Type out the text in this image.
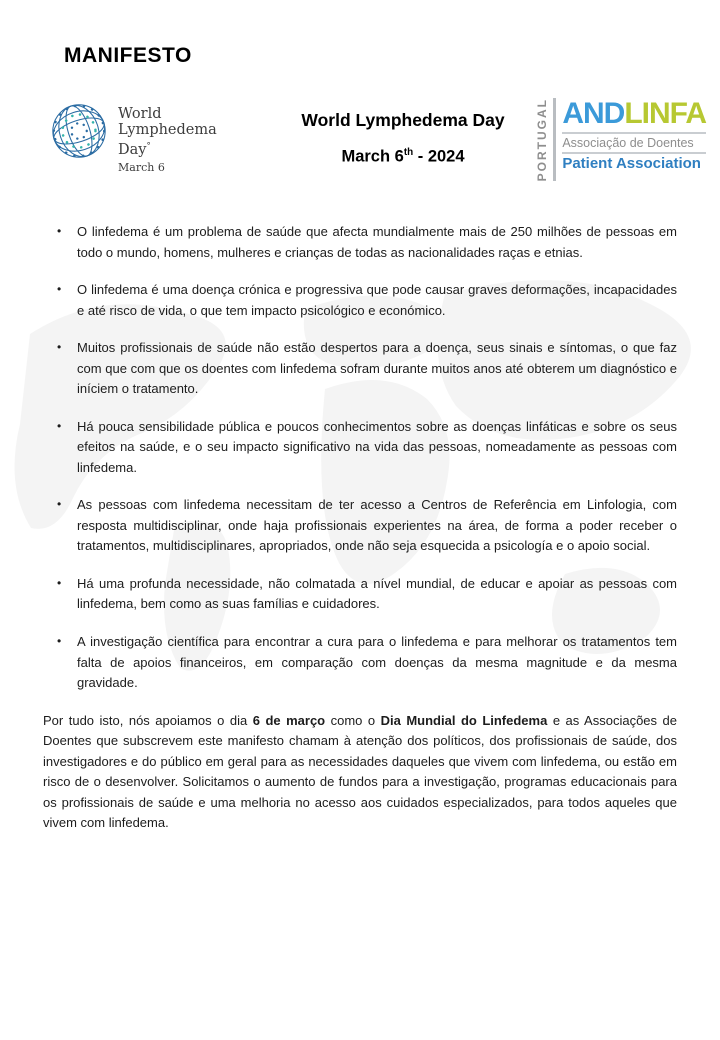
MANIFESTO
World
Lymphedema
Day°
March 6
World Lymphedema Day
March 6th - 2024	PORTUGAL ANDLINFA
Associação de Doentes
Patient Association
• O linfedema é um problema de saúde que afecta mundialmente mais de 250 milhões de pessoas em todo o mundo, homens, mulheres e crianças de todas as nacionalidades raças e etnias.
• O linfedema é uma doença crónica e progressiva que pode causar graves deformações, incapacidades e até risco de vida, o que tem impacto psicológico e económico.
• Muitos profissionais de saúde não estão despertos para a doença, seus sinais e síntomas, o que faz com que com que os doentes com linfedema sofram durante muitos anos até obterem um diagnóstico e iníciem o tratamento.
• Há pouca sensibilidade pública e poucos conhecimentos sobre as doenças linfáticas e sobre os seus efeitos na saúde, e o seu impacto significativo na vida das pessoas, nomeadamente as pessoas com linfedema.
• As pessoas com linfedema necessitam de ter acesso a Centros de Referência em Linfologia, com resposta multidisciplinar, onde haja profissionais experientes na área, de forma a poder receber o tratamentos, multidisciplinares, apropriados, onde não seja esquecida a psicología e o apoio social.
• Há uma profunda necessidade, não colmatada a nível mundial, de educar e apoiar as pessoas com linfedema, bem como as suas famílias e cuidadores.
• A investigação científica para encontrar a cura para o linfedema e para melhorar os tratamentos tem falta de apoios financeiros, em comparação com doenças da mesma magnitude e da mesma gravidade.

Por tudo isto, nós apoiamos o dia 6 de março como o Dia Mundial do Linfedema e as Associações de Doentes que subscrevem este manifesto chamam à atenção dos políticos, dos profissionais de saúde, dos investigadores e do público em geral para as necessidades daqueles que vivem com linfedema, ou estão em risco de o desenvolver. Solicitamos o aumento de fundos para a investigação, programas educacionais para os profissionais de saúde e uma melhoria no acesso aos cuidados especializados, para todos aqueles que vivem com linfedema.
